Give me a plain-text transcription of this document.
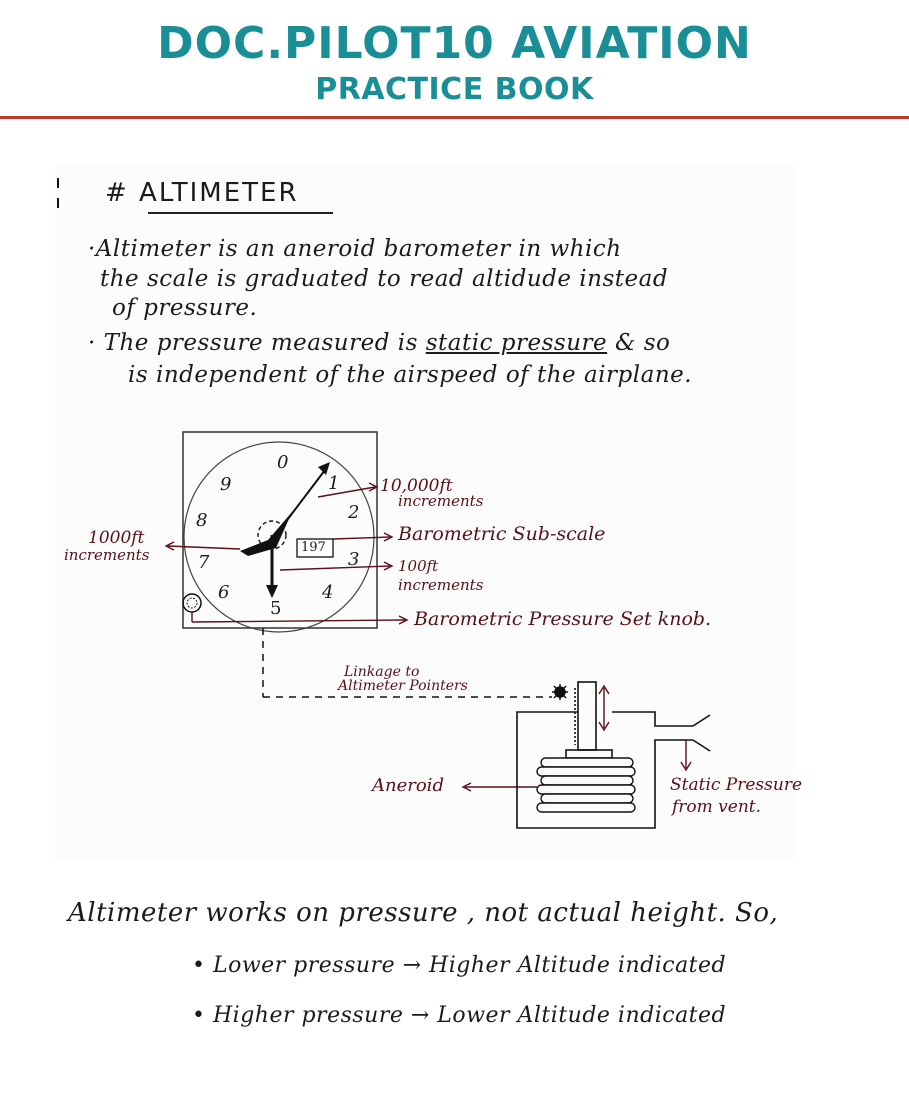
DOC.PILOT10 AVIATION
PRACTICE BOOK
# ALTIMETER
·Altimeter is an aneroid barometer in which
the scale is graduated to read altidude instead
of pressure.
· The pressure measured is static pressure & so
is independent of the airspeed of the airplane.
0
1
2
3
4
5
6
7
8
9
197
10,000ft
increments
Barometric Sub-scale
100ft
increments
Barometric Pressure Set knob.
1000ft
increments
Linkage to
Altimeter Pointers
Aneroid	Static Pressure
from vent.
Altimeter works on pressure , not actual height. So,
• Lower pressure → Higher Altitude indicated
• Higher pressure → Lower Altitude indicated
